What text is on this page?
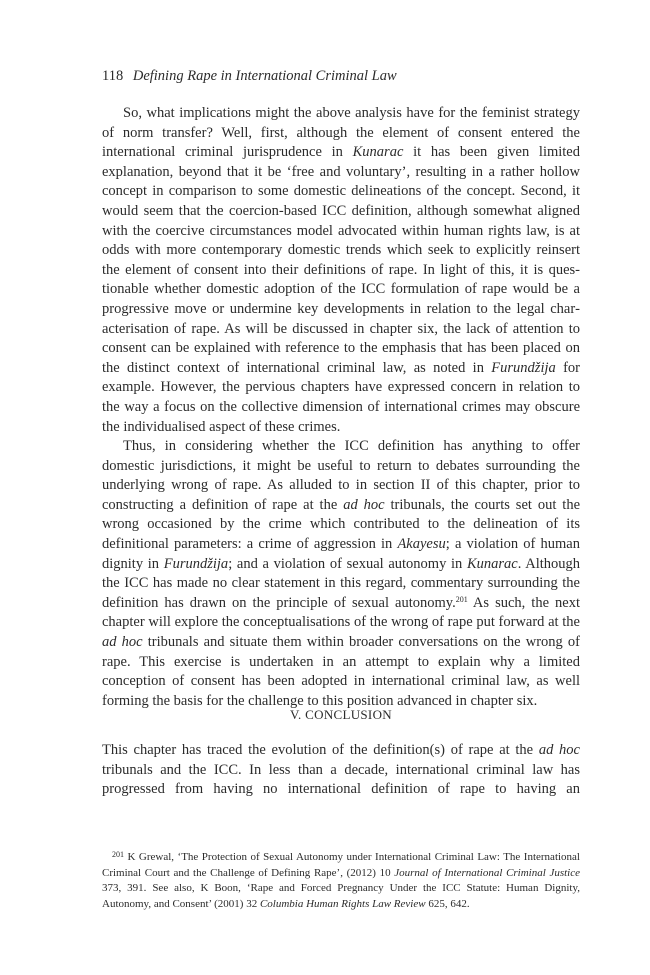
118 Defining Rape in International Criminal Law

So, what implications might the above analysis have for the feminist strategy of norm transfer? Well, first, although the element of consent entered the international criminal jurisprudence in Kunarac it has been given limited explanation, beyond that it be ‘free and voluntary’, resulting in a rather hollow concept in comparison to some domestic delineations of the concept. Second, it would seem that the coercion-based ICC definition, although somewhat aligned with the coercive circumstances model advocated within human rights law, is at odds with more contemporary domestic trends which seek to explicitly reinsert the element of consent into their definitions of rape. In light of this, it is questionable whether domestic adoption of the ICC formulation of rape would be a progressive move or undermine key developments in relation to the legal characterisation of rape. As will be discussed in chapter six, the lack of attention to consent can be explained with reference to the emphasis that has been placed on the distinct context of international criminal law, as noted in Furundžija for example. However, the pervious chapters have expressed concern in relation to the way a focus on the collective dimension of international crimes may obscure the individualised aspect of these crimes.

Thus, in considering whether the ICC definition has anything to offer domestic jurisdictions, it might be useful to return to debates surrounding the underlying wrong of rape. As alluded to in section II of this chapter, prior to constructing a definition of rape at the ad hoc tribunals, the courts set out the wrong occasioned by the crime which contributed to the delineation of its definitional parameters: a crime of aggression in Akayesu; a violation of human dignity in Furundžija; and a violation of sexual autonomy in Kunarac. Although the ICC has made no clear statement in this regard, commentary surrounding the definition has drawn on the principle of sexual autonomy.$^{201}$ As such, the next chapter will explore the conceptualisations of the wrong of rape put forward at the ad hoc tribunals and situate them within broader conversations on the wrong of rape. This exercise is undertaken in an attempt to explain why a limited conception of consent has been adopted in international criminal law, as well forming the basis for the challenge to this position advanced in chapter six.

V. CONCLUSION

This chapter has traced the evolution of the definition(s) of rape at the ad hoc tribunals and the ICC. In less than a decade, international criminal law has progressed from having no international definition of rape to having an

$^{201}$ K Grewal, ‘The Protection of Sexual Autonomy under International Criminal Law: The International Criminal Court and the Challenge of Defining Rape’, (2012) 10 Journal of International Criminal Justice 373, 391. See also, K Boon, ‘Rape and Forced Pregnancy Under the ICC Statute: Human Dignity, Autonomy, and Consent’ (2001) 32 Columbia Human Rights Law Review 625, 642.
